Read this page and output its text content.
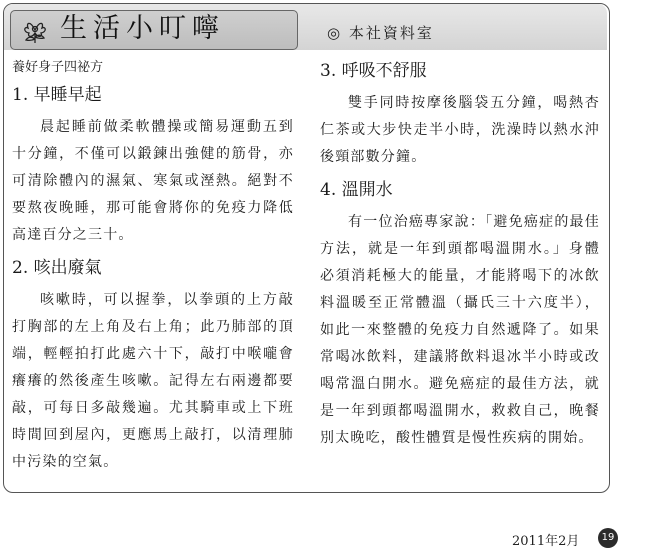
生活小叮嚀	◎ 本社資料室
養好身子四祕方
1. 早睡早起

晨起睡前做柔軟體操或簡易運動五到十分鐘，不僅可以鍛鍊出強健的筋骨，亦可清除體內的濕氣、寒氣或溼熱。絕對不要熬夜晚睡，那可能會將你的免疫力降低高達百分之三十。

2. 咳出廢氣

咳嗽時，可以握拳，以拳頭的上方敲打胸部的左上角及右上角；此乃肺部的頂端，輕輕拍打此處六十下，敲打中喉嚨會癢癢的然後產生咳嗽。記得左右兩邊都要敲，可每日多敲幾遍。尤其騎車或上下班時間回到屋內，更應馬上敲打，以清理肺中污染的空氣。

3. 呼吸不舒服

雙手同時按摩後腦袋五分鐘，喝熱杏仁茶或大步快走半小時，洗澡時以熱水沖後頸部數分鐘。

4. 溫開水

有一位治癌專家說：「避免癌症的最佳方法，就是一年到頭都喝溫開水。」身體必須消耗極大的能量，才能將喝下的冰飲料溫暖至正常體溫（攝氏三十六度半），如此一來整體的免疫力自然遞降了。如果常喝冰飲料，建議將飲料退冰半小時或改喝常溫白開水。避免癌症的最佳方法，就是一年到頭都喝溫開水，救救自己，晚餐別太晚吃，酸性體質是慢性疾病的開始。

2011年2月	19
